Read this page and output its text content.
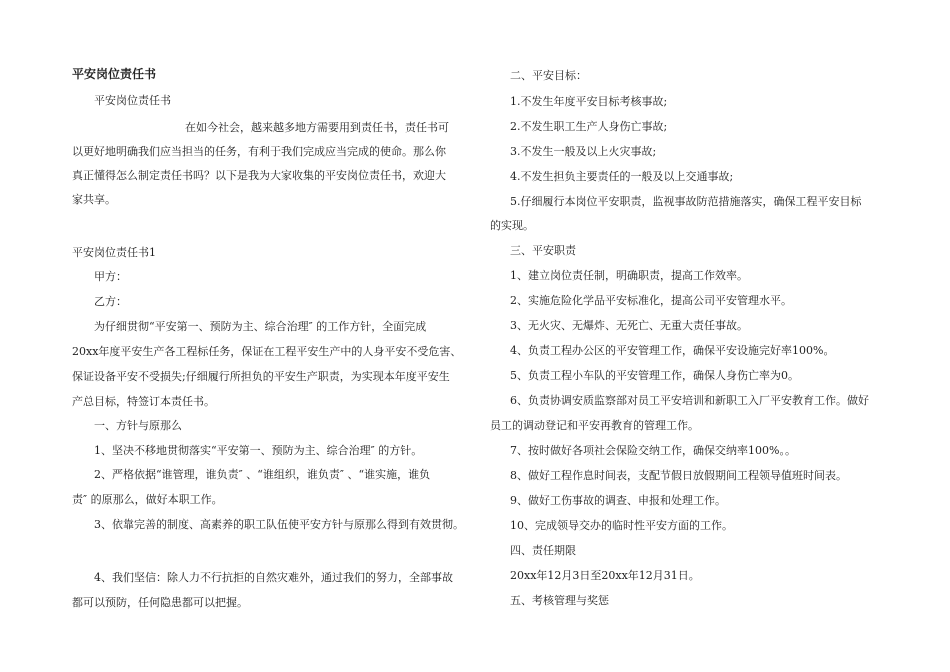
平安岗位责任书
平安岗位责任书
在如今社会，越来越多地方需要用到责任书，责任书可
以更好地明确我们应当担当的任务，有利于我们完成应当完成的使命。那么你
真正懂得怎么制定责任书吗？以下是我为大家收集的平安岗位责任书，欢迎大
家共享。
平安岗位责任书1
甲方：
乙方：
为仔细贯彻“平安第一、预防为主、综合治理″ 的工作方针，全面完成
20xx年度平安生产各工程标任务，保证在工程平安生产中的人身平安不受危害、
保证设备平安不受损失;仔细履行所担负的平安生产职责，为实现本年度平安生
产总目标，特签订本责任书。
一、方针与原那么
1、坚决不移地贯彻落实“平安第一、预防为主、综合治理″ 的方针。
2、严格依据“谁管理，谁负责″ 、“谁组织，谁负责″ 、“谁实施，谁负
责″ 的原那么，做好本职工作。
3、依靠完善的制度、高素养的职工队伍使平安方针与原那么得到有效贯彻。
4、我们坚信：除人力不行抗拒的自然灾难外，通过我们的努力，全部事故
都可以预防，任何隐患都可以把握。
二、平安目标：
1.不发生年度平安目标考核事故;
2.不发生职工生产人身伤亡事故;
3.不发生一般及以上火灾事故;
4.不发生担负主要责任的一般及以上交通事故;
5.仔细履行本岗位平安职责，监视事故防范措施落实，确保工程平安目标
的实现。
三、平安职责
1、建立岗位责任制，明确职责，提高工作效率。
2、实施危险化学品平安标准化，提高公司平安管理水平。
3、无火灾、无爆炸、无死亡、无重大责任事故。
4、负责工程办公区的平安管理工作，确保平安设施完好率100%。
5、负责工程小车队的平安管理工作，确保人身伤亡率为0。
6、负责协调安质监察部对员工平安培训和新职工入厂平安教育工作。做好
员工的调动登记和平安再教育的管理工作。
7、按时做好各项社会保险交纳工作，确保交纳率100%。。
8、做好工程作息时间表，支配节假日放假期间工程领导值班时间表。
9、做好工伤事故的调查、申报和处理工作。
10、完成领导交办的临时性平安方面的工作。
四、责任期限
20xx年12月3日至20xx年12月31日。
五、考核管理与奖惩
